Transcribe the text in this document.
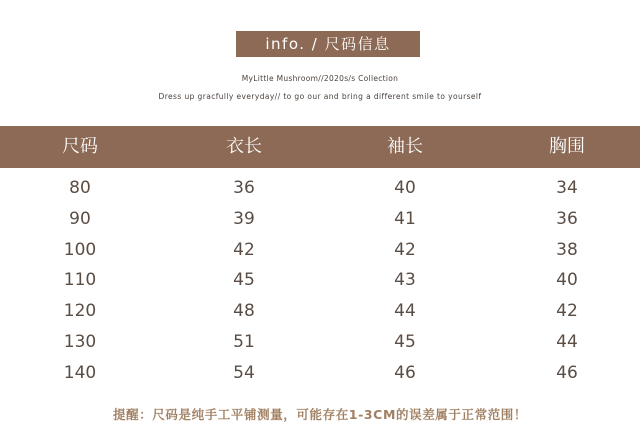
info. / 尺码信息
MyLittle Mushroom//2020s/s Collection
Dress up gracfully everyday// to go our and bring a different smile to yourself
尺码	衣长	袖长	胸围
80	36	40	34
90	39	41	36
100	42	42	38
110	45	43	40
120	48	44	42
130	51	45	44
140	54	46	46
提醒：尺码是纯手工平铺测量，可能存在1-3CM的误差属于正常范围！
